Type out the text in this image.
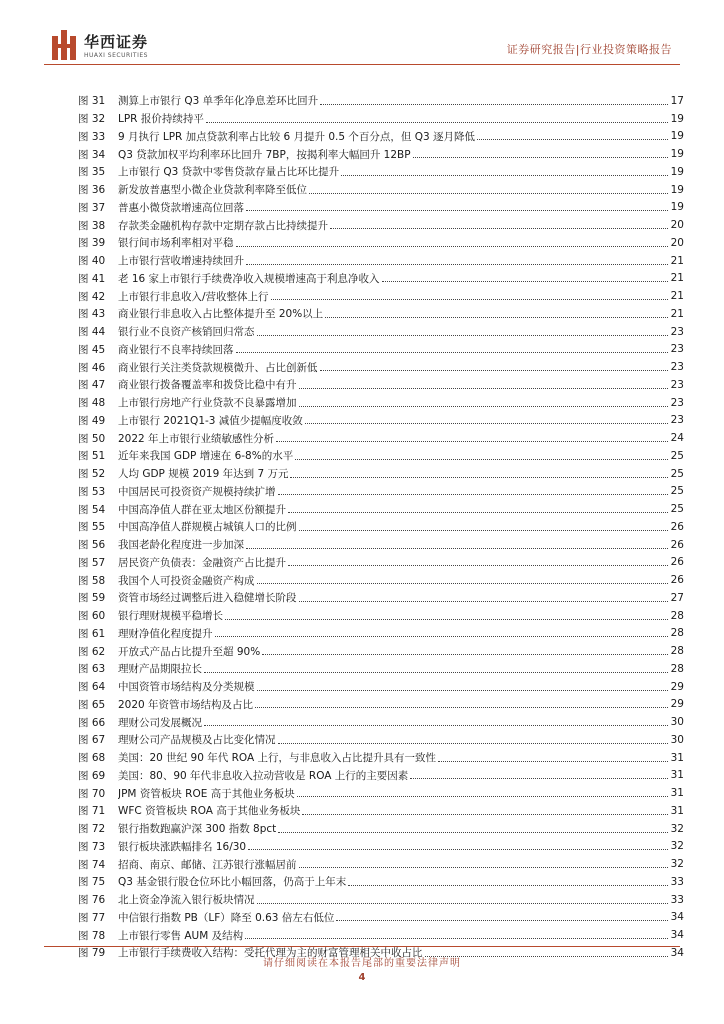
华西证券
HUAXI SECURITIES	证券研究报告|行业投资策略报告
图 31	测算上市银行 Q3 单季年化净息差环比回升	17
图 32	LPR 报价持续持平	19
图 33	9 月执行 LPR 加点贷款利率占比较 6 月提升 0.5 个百分点，但 Q3 逐月降低	19
图 34	Q3 贷款加权平均利率环比回升 7BP，按揭利率大幅回升 12BP	19
图 35	上市银行 Q3 贷款中零售贷款存量占比环比提升	19
图 36	新发放普惠型小微企业贷款利率降至低位	19
图 37	普惠小微贷款增速高位回落	19
图 38	存款类金融机构存款中定期存款占比持续提升	20
图 39	银行间市场利率相对平稳	20
图 40	上市银行营收增速持续回升	21
图 41	老 16 家上市银行手续费净收入规模增速高于利息净收入	21
图 42	上市银行非息收入/营收整体上行	21
图 43	商业银行非息收入占比整体提升至 20%以上	21
图 44	银行业不良资产核销回归常态	23
图 45	商业银行不良率持续回落	23
图 46	商业银行关注类贷款规模微升、占比创新低	23
图 47	商业银行拨备覆盖率和拨贷比稳中有升	23
图 48	上市银行房地产行业贷款不良暴露增加	23
图 49	上市银行 2021Q1-3 减值少提幅度收敛	23
图 50	2022 年上市银行业绩敏感性分析	24
图 51	近年来我国 GDP 增速在 6-8%的水平	25
图 52	人均 GDP 规模 2019 年达到 7 万元	25
图 53	中国居民可投资资产规模持续扩增	25
图 54	中国高净值人群在亚太地区份额提升	25
图 55	中国高净值人群规模占城镇人口的比例	26
图 56	我国老龄化程度进一步加深	26
图 57	居民资产负债表：金融资产占比提升	26
图 58	我国个人可投资金融资产构成	26
图 59	资管市场经过调整后进入稳健增长阶段	27
图 60	银行理财规模平稳增长	28
图 61	理财净值化程度提升	28
图 62	开放式产品占比提升至超 90%	28
图 63	理财产品期限拉长	28
图 64	中国资管市场结构及分类规模	29
图 65	2020 年资管市场结构及占比	29
图 66	理财公司发展概况	30
图 67	理财公司产品规模及占比变化情况	30
图 68	美国：20 世纪 90 年代 ROA 上行，与非息收入占比提升具有一致性	31
图 69	美国：80、90 年代非息收入拉动营收是 ROA 上行的主要因素	31
图 70	JPM 资管板块 ROE 高于其他业务板块	31
图 71	WFC 资管板块 ROA 高于其他业务板块	31
图 72	银行指数跑赢沪深 300 指数 8pct	32
图 73	银行板块涨跌幅排名 16/30	32
图 74	招商、南京、邮储、江苏银行涨幅居前	32
图 75	Q3 基金银行股仓位环比小幅回落，仍高于上年末	33
图 76	北上资金净流入银行板块情况	33
图 77	中信银行指数 PB（LF）降至 0.63 倍左右低位	34
图 78	上市银行零售 AUM 及结构	34
图 79	上市银行手续费收入结构：受托代理为主的财富管理相关中收占比	34
请仔细阅读在本报告尾部的重要法律声明
4
